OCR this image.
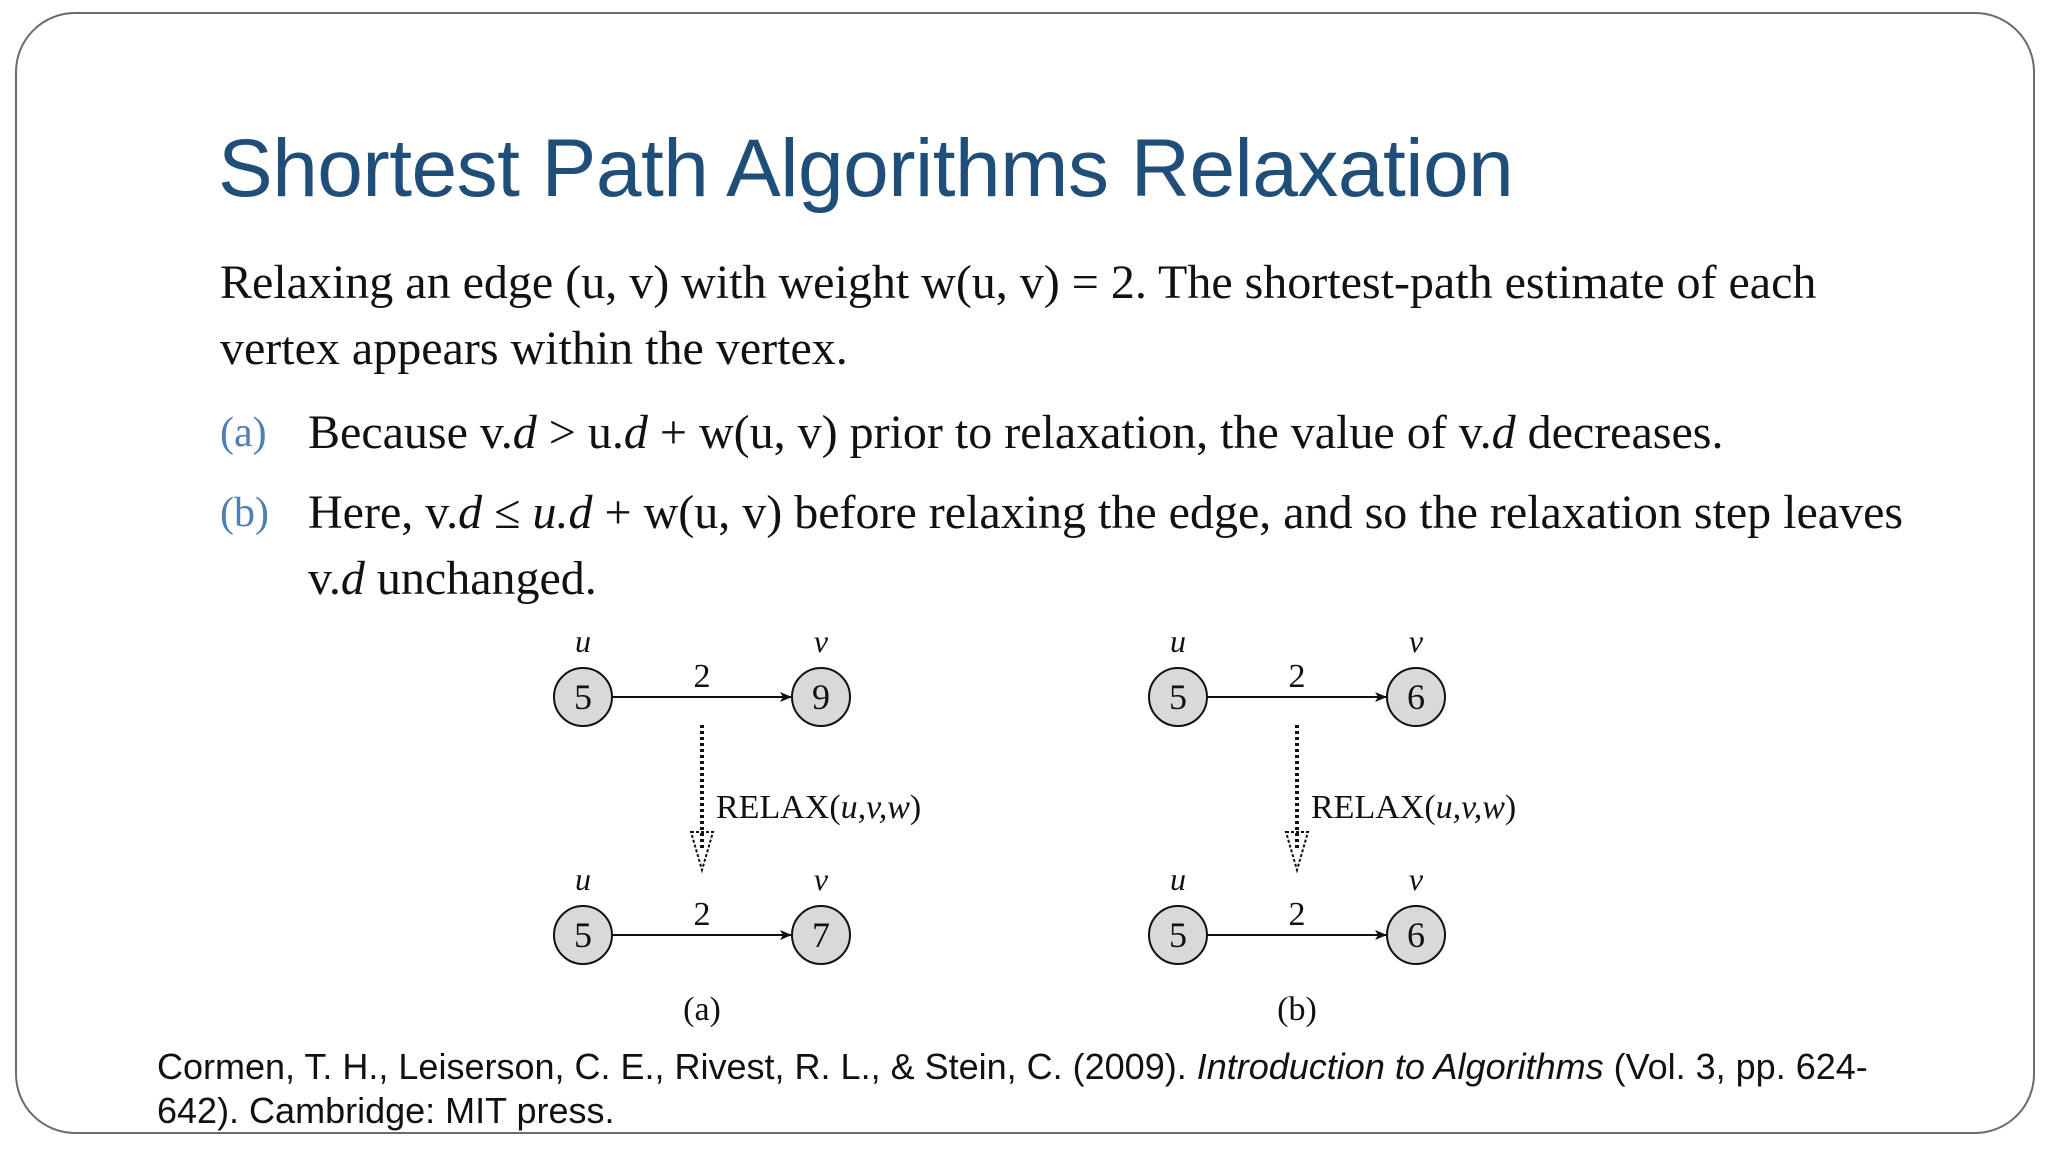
Shortest Path Algorithms Relaxation
Relaxing an edge (u, v) with weight w(u, v) = 2. The shortest-path estimate of each vertex appears within the vertex.
(a) Because v.d > u.d + w(u, v) prior to relaxation, the value of v.d decreases.
(b) Here, v.d ≤ u.d + w(u, v) before relaxing the edge, and so the relaxation step leaves v.d unchanged.
u	v
2
5	9
u	v
2
5	7
RELAX(u,v,w)
(a)
u	v
2
5	6
u	v
2
5	6
RELAX(u,v,w)
(b)
Cormen, T. H., Leiserson, C. E., Rivest, R. L., & Stein, C. (2009). Introduction to Algorithms (Vol. 3, pp. 624-642). Cambridge: MIT press.
